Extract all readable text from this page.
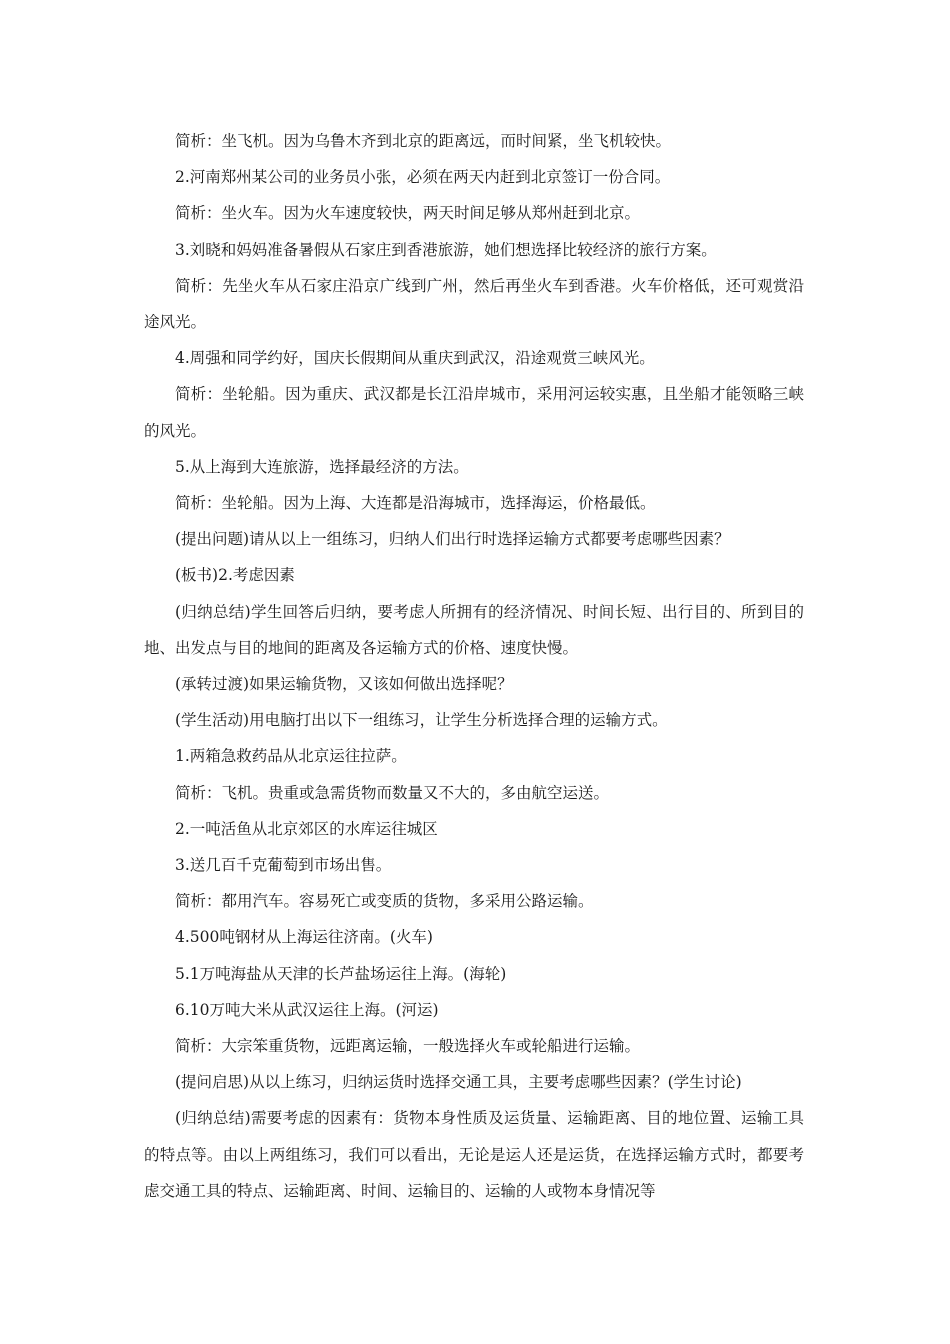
简析：坐飞机。因为乌鲁木齐到北京的距离远，而时间紧，坐飞机较快。

2.河南郑州某公司的业务员小张，必须在两天内赶到北京签订一份合同。

简析：坐火车。因为火车速度较快，两天时间足够从郑州赶到北京。

3.刘晓和妈妈准备暑假从石家庄到香港旅游，她们想选择比较经济的旅行方案。

简析：先坐火车从石家庄沿京广线到广州，然后再坐火车到香港。火车价格低，还可观赏沿途风光。

4.周强和同学约好，国庆长假期间从重庆到武汉，沿途观赏三峡风光。

简析：坐轮船。因为重庆、武汉都是长江沿岸城市，采用河运较实惠，且坐船才能领略三峡的风光。

5.从上海到大连旅游，选择最经济的方法。

简析：坐轮船。因为上海、大连都是沿海城市，选择海运，价格最低。

(提出问题)请从以上一组练习，归纳人们出行时选择运输方式都要考虑哪些因素？

(板书)2.考虑因素

(归纳总结)学生回答后归纳，要考虑人所拥有的经济情况、时间长短、出行目的、所到目的地、出发点与目的地间的距离及各运输方式的价格、速度快慢。

(承转过渡)如果运输货物，又该如何做出选择呢？

(学生活动)用电脑打出以下一组练习，让学生分析选择合理的运输方式。

1.两箱急救药品从北京运往拉萨。

简析：飞机。贵重或急需货物而数量又不大的，多由航空运送。

2.一吨活鱼从北京郊区的水库运往城区

3.送几百千克葡萄到市场出售。

简析：都用汽车。容易死亡或变质的货物，多采用公路运输。

4.500吨钢材从上海运往济南。(火车)

5.1万吨海盐从天津的长芦盐场运往上海。(海轮)

6.10万吨大米从武汉运往上海。(河运)

简析：大宗笨重货物，远距离运输，一般选择火车或轮船进行运输。

(提问启思)从以上练习，归纳运货时选择交通工具，主要考虑哪些因素？(学生讨论)

(归纳总结)需要考虑的因素有：货物本身性质及运货量、运输距离、目的地位置、运输工具的特点等。由以上两组练习，我们可以看出，无论是运人还是运货，在选择运输方式时，都要考虑交通工具的特点、运输距离、时间、运输目的、运输的人或物本身情况等
